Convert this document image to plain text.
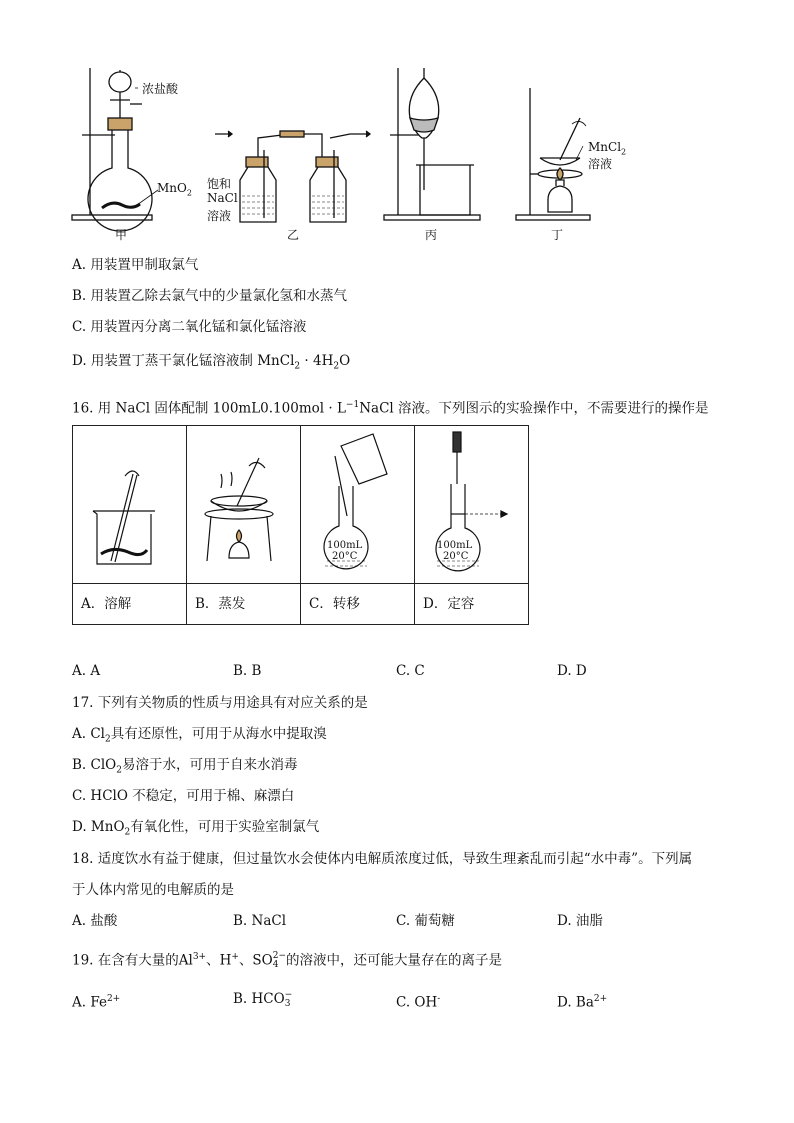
浓盐酸
MnO$_2$
饱和
NaCl
溶液
MnCl$_2$
溶液
甲	乙	丙	丁
A. 用装置甲制取氯气
B. 用装置乙除去氯气中的少量氯化氢和水蒸气
C. 用装置丙分离二氧化锰和氯化锰溶液
D. 用装置丁蒸干氯化锰溶液制 MnCl$_2$ · $4H_2O$
16. 用 NaCl 固体配制 $100mL0.100mol \cdot L^{-1}NaCl$ 溶液。下列图示的实验操作中，不需要进行的操作是

100mL
20°C	100mL
20°C

A．溶解	B．蒸发	C．转移	D．定容
A. A	B. B	C. C	D. D
17. 下列有关物质的性质与用途具有对应关系的是
A. $Cl_2$具有还原性，可用于从海水中提取溴
B. ClO$_2$易溶于水，可用于自来水消毒
C. HClO 不稳定，可用于棉、麻漂白
D. MnO$_2$有氧化性，可用于实验室制氯气
18. 适度饮水有益于健康，但过量饮水会使体内电解质浓度过低，导致生理紊乱而引起“水中毒”。下列属
于人体内常见的电解质的是
A. 盐酸	B. NaCl	C. 葡萄糖	D. 油脂
19. 在含有大量的$Al^{3+}$、H+、SO 2−
4 的溶液中，还可能大量存在的离子是
A. $Fe^{2+}$	B. HCO −
3	C. OH-	D. $Ba^{2+}$
